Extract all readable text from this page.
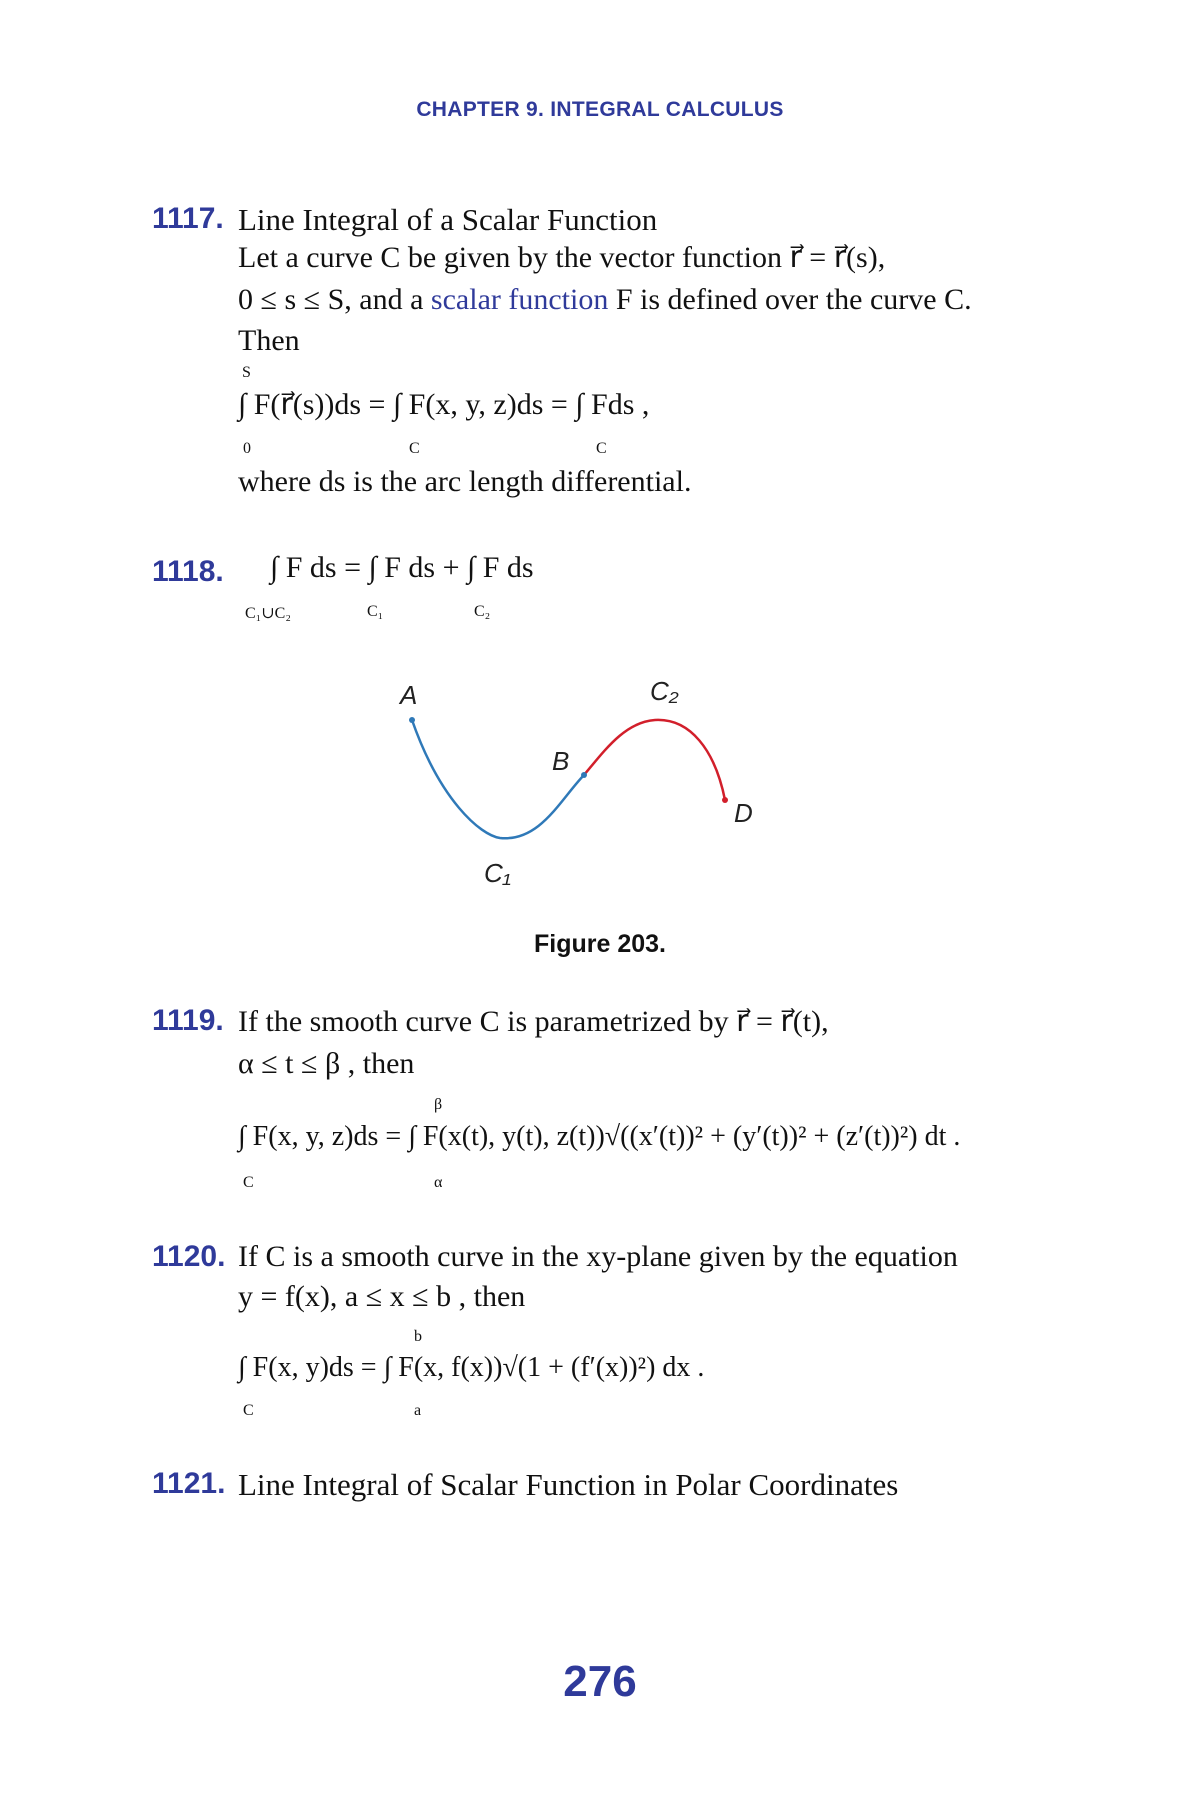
CHAPTER 9. INTEGRAL CALCULUS
1117. Line Integral of a Scalar Function
Let a curve C be given by the vector function r⃗ = r⃗(s),
0 ≤ s ≤ S, and a scalar function F is defined over the curve C.
Then
S
∫ F(r⃗(s))ds = ∫ F(x, y, z)ds = ∫ Fds ,
0	C	C
where ds is the arc length differential.
1118. ∫ F ds = ∫ F ds + ∫ F ds
C₁∪C₂	C₁	C₂
A
B
C₂
C₁
D
Figure 203.
1119. If the smooth curve C is parametrized by r⃗ = r⃗(t),
α ≤ t ≤ β , then
β
∫ F(x, y, z)ds = ∫ F(x(t), y(t), z(t))√((x′(t))² + (y′(t))² + (z′(t))²) dt .
C	α
1120. If C is a smooth curve in the xy-plane given by the equation
y = f(x), a ≤ x ≤ b , then
b
∫ F(x, y)ds = ∫ F(x, f(x))√(1 + (f′(x))²) dx .
C	a
1121. Line Integral of Scalar Function in Polar Coordinates
276
